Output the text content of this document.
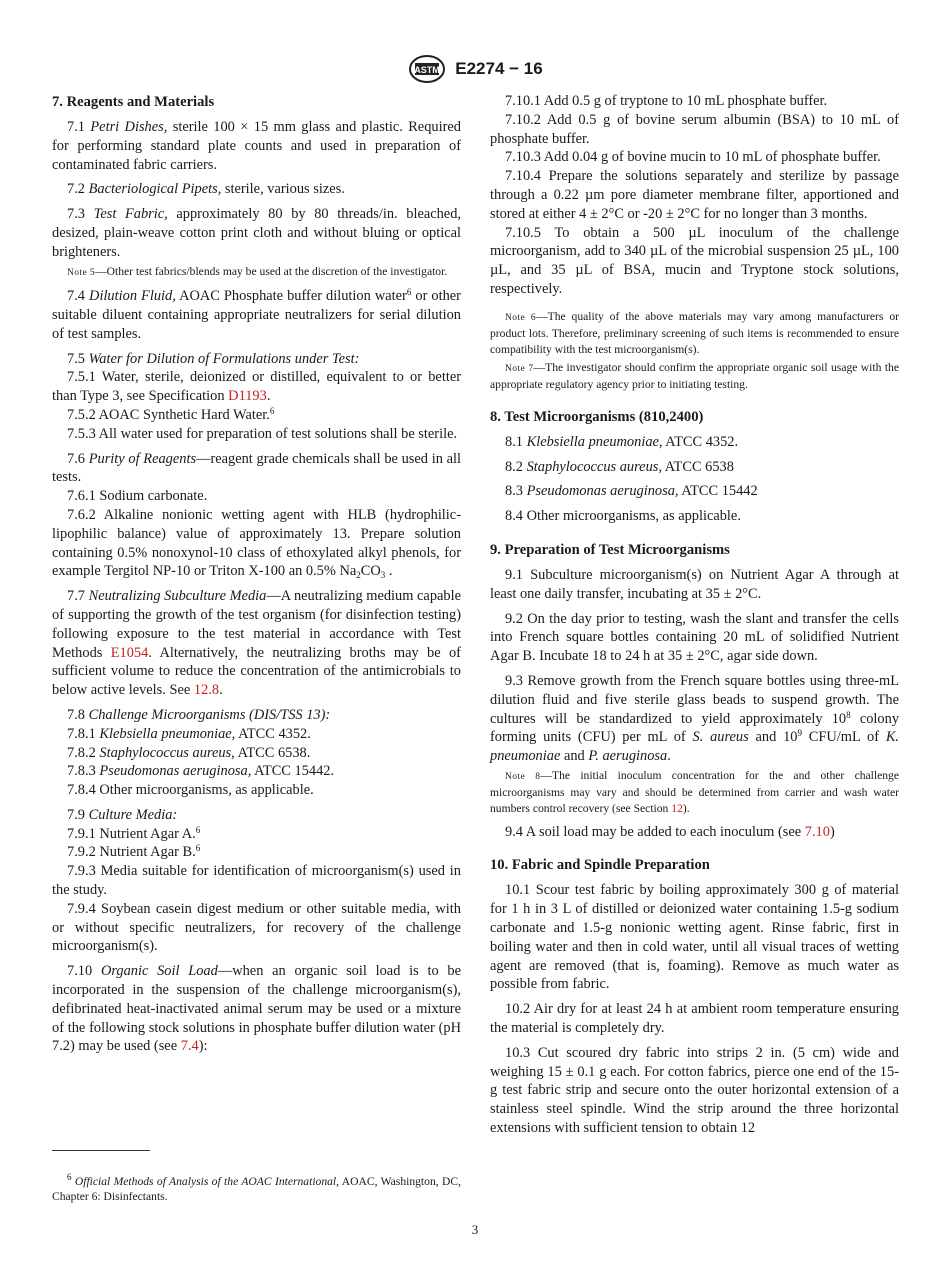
ASTM E2274 − 16
7. Reagents and Materials

7.1 Petri Dishes, sterile 100 × 15 mm glass and plastic. Required for performing standard plate counts and used in preparation of contaminated fabric carriers.

7.2 Bacteriological Pipets, sterile, various sizes.

7.3 Test Fabric, approximately 80 by 80 threads/in. bleached, desized, plain-weave cotton print cloth and without bluing or optical brighteners.

Note 5—Other test fabrics/blends may be used at the discretion of the investigator.

7.4 Dilution Fluid, AOAC Phosphate buffer dilution water$^6$ or other suitable diluent containing appropriate neutralizers for serial dilution of test samples.

7.5 Water for Dilution of Formulations under Test:

7.5.1 Water, sterile, deionized or distilled, equivalent to or better than Type 3, see Specification D1193.

7.5.2 AOAC Synthetic Hard Water.$^6$

7.5.3 All water used for preparation of test solutions shall be sterile.

7.6 Purity of Reagents—reagent grade chemicals shall be used in all tests.

7.6.1 Sodium carbonate.

7.6.2 Alkaline nonionic wetting agent with HLB (hydrophilic-lipophilic balance) value of approximately 13. Prepare solution containing 0.5% nonoxynol-10 class of ethoxylated alkyl phenols, for example Tergitol NP-10 or Triton X-100 an 0.5% $Na_2CO_3$ .

7.7 Neutralizing Subculture Media—A neutralizing medium capable of supporting the growth of the test organism (for disinfection testing) following exposure to the test material in accordance with Test Methods E1054. Alternatively, the neutralizing broths may be of sufficient volume to reduce the concentration of the antimicrobials to below active levels. See 12.8.

7.8 Challenge Microorganisms (DIS/TSS 13):

7.8.1 Klebsiella pneumoniae, ATCC 4352.

7.8.2 Staphylococcus aureus, ATCC 6538.

7.8.3 Pseudomonas aeruginosa, ATCC 15442.

7.8.4 Other microorganisms, as applicable.

7.9 Culture Media:

7.9.1 Nutrient Agar A.$^6$

7.9.2 Nutrient Agar B.$^6$

7.9.3 Media suitable for identification of microorganism(s) used in the study.

7.9.4 Soybean casein digest medium or other suitable media, with or without specific neutralizers, for recovery of the challenge microorganism(s).

7.10 Organic Soil Load—when an organic soil load is to be incorporated in the suspension of the challenge microorganism(s), defibrinated heat-inactivated animal serum may be used or a mixture of the following stock solutions in phosphate buffer dilution water (pH 7.2) may be used (see 7.4):

$^6$ Official Methods of Analysis of the AOAC International, AOAC, Washington, DC, Chapter 6: Disinfectants.

7.10.1 Add 0.5 g of tryptone to 10 mL phosphate buffer.

7.10.2 Add 0.5 g of bovine serum albumin (BSA) to 10 mL of phosphate buffer.

7.10.3 Add 0.04 g of bovine mucin to 10 mL of phosphate buffer.

7.10.4 Prepare the solutions separately and sterilize by passage through a 0.22 µm pore diameter membrane filter, apportioned and stored at either 4 ± 2°C or -20 ± 2°C for no longer than 3 months.

7.10.5 To obtain a 500 µL inoculum of the challenge microorganism, add to 340 µL of the microbial suspension 25 µL, 100 µL, and 35 µL of BSA, mucin and Tryptone stock solutions, respectively.

Note 6—The quality of the above materials may vary among manufacturers or product lots. Therefore, preliminary screening of such items is recommended to ensure compatibility with the test microorganism(s).

Note 7—The investigator should confirm the appropriate organic soil usage with the appropriate regulatory agency prior to initiating testing.

8. Test Microorganisms (810,2400)

8.1 Klebsiella pneumoniae, ATCC 4352.

8.2 Staphylococcus aureus, ATCC 6538

8.3 Pseudomonas aeruginosa, ATCC 15442

8.4 Other microorganisms, as applicable.

9. Preparation of Test Microorganisms

9.1 Subculture microorganism(s) on Nutrient Agar A through at least one daily transfer, incubating at 35 ± 2°C.

9.2 On the day prior to testing, wash the slant and transfer the cells into French square bottles containing 20 mL of solidified Nutrient Agar B. Incubate 18 to 24 h at 35 ± 2°C, agar side down.

9.3 Remove growth from the French square bottles using three-mL dilution fluid and five sterile glass beads to suspend growth. The cultures will be standardized to yield approximately $10^8$ colony forming units (CFU) per mL of S. aureus and $10^9$ CFU/mL of K. pneumoniae and P. aeruginosa.

Note 8—The initial inoculum concentration for the and other challenge microorganisms may vary and should be determined from carrier and wash water numbers control recovery (see Section 12).

9.4 A soil load may be added to each inoculum (see 7.10)

10. Fabric and Spindle Preparation

10.1 Scour test fabric by boiling approximately 300 g of material for 1 h in 3 L of distilled or deionized water containing 1.5-g sodium carbonate and 1.5-g nonionic wetting agent. Rinse fabric, first in boiling water and then in cold water, until all visual traces of wetting agent are removed (that is, foaming). Remove as much water as possible from fabric.

10.2 Air dry for at least 24 h at ambient room temperature ensuring the material is completely dry.

10.3 Cut scoured dry fabric into strips 2 in. (5 cm) wide and weighing 15 ± 0.1 g each. For cotton fabrics, pierce one end of the 15-g test fabric strip and secure onto the outer horizontal extension of a stainless steel spindle. Wind the strip around the three horizontal extensions with sufficient tension to obtain 12

3
